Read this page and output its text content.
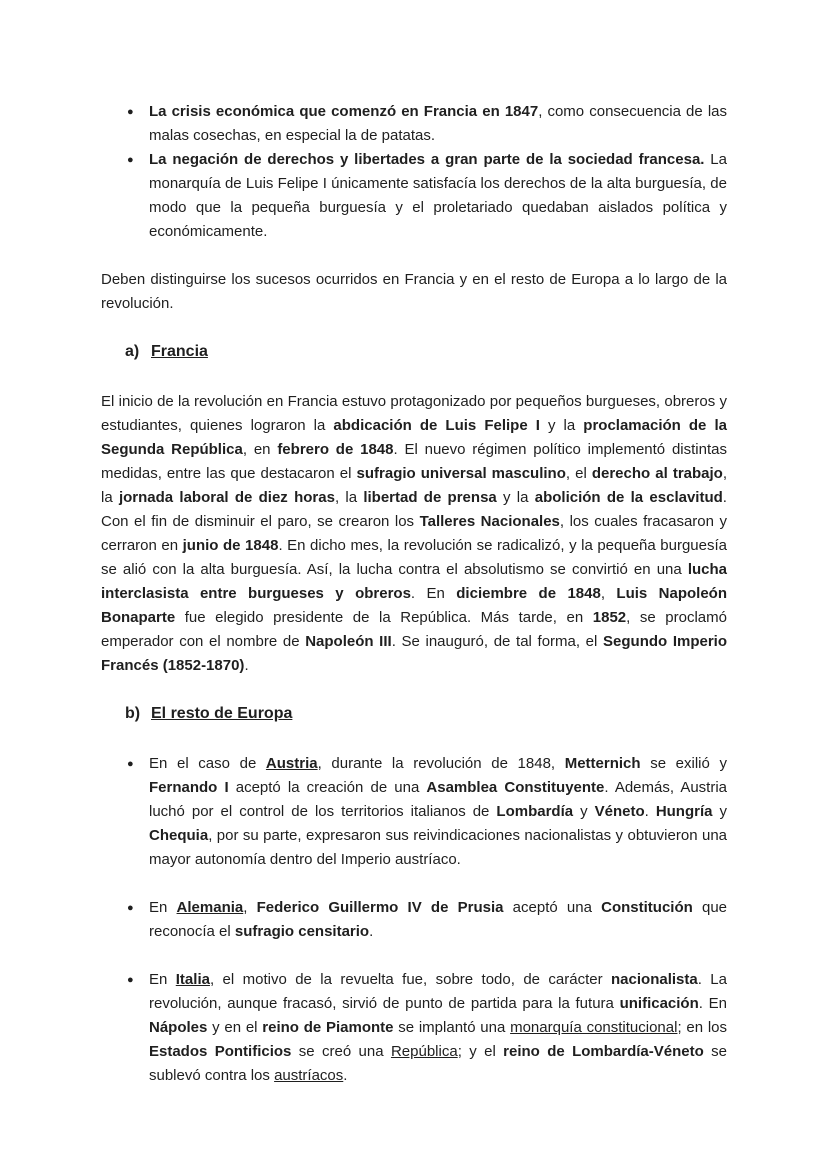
● La crisis económica que comenzó en Francia en 1847, como consecuencia de las malas cosechas, en especial la de patatas.
● La negación de derechos y libertades a gran parte de la sociedad francesa. La monarquía de Luis Felipe I únicamente satisfacía los derechos de la alta burguesía, de modo que la pequeña burguesía y el proletariado quedaban aislados política y económicamente.

Deben distinguirse los sucesos ocurridos en Francia y en el resto de Europa a lo largo de la revolución.

a) Francia

El inicio de la revolución en Francia estuvo protagonizado por pequeños burgueses, obreros y estudiantes, quienes lograron la abdicación de Luis Felipe I y la proclamación de la Segunda República, en febrero de 1848. El nuevo régimen político implementó distintas medidas, entre las que destacaron el sufragio universal masculino, el derecho al trabajo, la jornada laboral de diez horas, la libertad de prensa y la abolición de la esclavitud. Con el fin de disminuir el paro, se crearon los Talleres Nacionales, los cuales fracasaron y cerraron en junio de 1848. En dicho mes, la revolución se radicalizó, y la pequeña burguesía se alió con la alta burguesía. Así, la lucha contra el absolutismo se convirtió en una lucha interclasista entre burgueses y obreros. En diciembre de 1848, Luis Napoleón Bonaparte fue elegido presidente de la República. Más tarde, en 1852, se proclamó emperador con el nombre de Napoleón III. Se inauguró, de tal forma, el Segundo Imperio Francés (1852-1870).

b) El resto de Europa
● En el caso de Austria, durante la revolución de 1848, Metternich se exilió y Fernando I aceptó la creación de una Asamblea Constituyente. Además, Austria luchó por el control de los territorios italianos de Lombardía y Véneto. Hungría y Chequia, por su parte, expresaron sus reivindicaciones nacionalistas y obtuvieron una mayor autonomía dentro del Imperio austríaco.
● En Alemania, Federico Guillermo IV de Prusia aceptó una Constitución que reconocía el sufragio censitario.
● En Italia, el motivo de la revuelta fue, sobre todo, de carácter nacionalista. La revolución, aunque fracasó, sirvió de punto de partida para la futura unificación. En Nápoles y en el reino de Piamonte se implantó una monarquía constitucional; en los Estados Pontificios se creó una República; y el reino de Lombardía-Véneto se sublevó contra los austríacos.
